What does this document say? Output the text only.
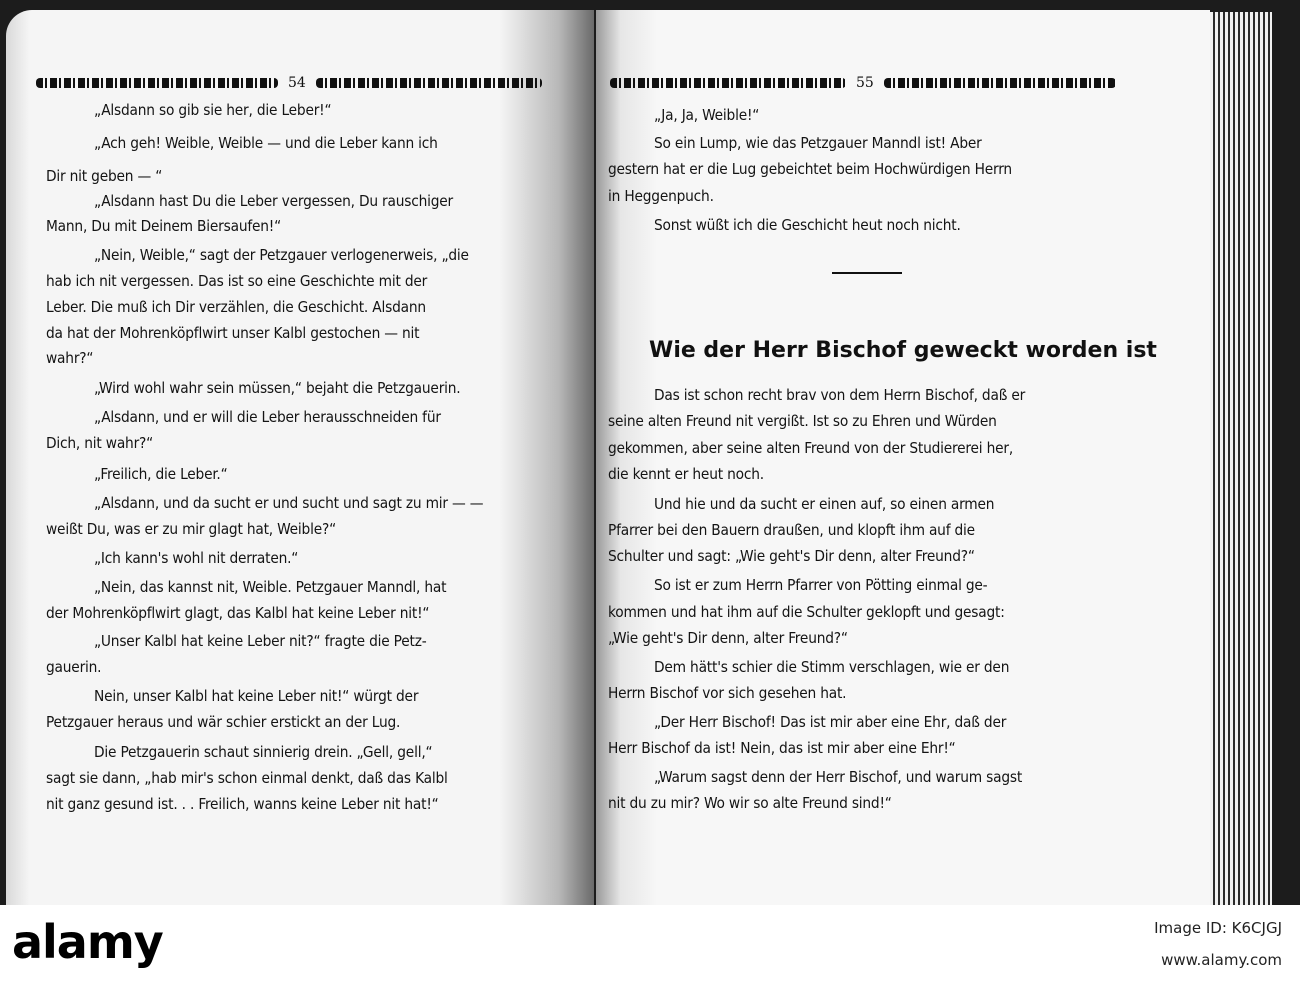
54
„Alsdann so gib sie her, die Leber!“
„Ach geh! Weible, Weible — und die Leber kann ich
Dir nit geben — “
„Alsdann hast Du die Leber vergessen, Du rauschiger
Mann, Du mit Deinem Biersaufen!“
„Nein, Weible,“ sagt der Petzgauer verlogenerweis, „die
hab ich nit vergessen. Das ist so eine Geschichte mit der
Leber. Die muß ich Dir verzählen, die Geschicht. Alsdann
da hat der Mohrenköpflwirt unser Kalbl gestochen — nit
wahr?“
„Wird wohl wahr sein müssen,“ bejaht die Petzgauerin.
„Alsdann, und er will die Leber herausschneiden für
Dich, nit wahr?“
„Freilich, die Leber.“
„Alsdann, und da sucht er und sucht und sagt zu mir — —
weißt Du, was er zu mir glagt hat, Weible?“
„Ich kann's wohl nit derraten.“
„Nein, das kannst nit, Weible. Petzgauer Manndl, hat
der Mohrenköpflwirt glagt, das Kalbl hat keine Leber nit!“
„Unser Kalbl hat keine Leber nit?“ fragte die Petz-
gauerin.
Nein, unser Kalbl hat keine Leber nit!“ würgt der
Petzgauer heraus und wär schier erstickt an der Lug.
Die Petzgauerin schaut sinnierig drein. „Gell, gell,“
sagt sie dann, „hab mir's schon einmal denkt, daß das Kalbl
nit ganz gesund ist. . . Freilich, wanns keine Leber nit hat!“
55
„Ja, Ja, Weible!“
So ein Lump, wie das Petzgauer Manndl ist! Aber
gestern hat er die Lug gebeichtet beim Hochwürdigen Herrn
in Heggenpuch.
Sonst wüßt ich die Geschicht heut noch nicht.
Das ist schon recht brav von dem Herrn Bischof, daß er
seine alten Freund nit vergißt. Ist so zu Ehren und Würden
gekommen, aber seine alten Freund von der Studiererei her,
die kennt er heut noch.
Und hie und da sucht er einen auf, so einen armen
Pfarrer bei den Bauern draußen, und klopft ihm auf die
Schulter und sagt: „Wie geht's Dir denn, alter Freund?“
So ist er zum Herrn Pfarrer von Pötting einmal ge-
kommen und hat ihm auf die Schulter geklopft und gesagt:
„Wie geht's Dir denn, alter Freund?“
Dem hätt's schier die Stimm verschlagen, wie er den
Herrn Bischof vor sich gesehen hat.
„Der Herr Bischof! Das ist mir aber eine Ehr, daß der
Herr Bischof da ist! Nein, das ist mir aber eine Ehr!“
„Warum sagst denn der Herr Bischof, und warum sagst
nit du zu mir? Wo wir so alte Freund sind!“
Wie der Herr Bischof geweckt worden ist
alamy	Image ID: K6CJGJ
www.alamy.com
